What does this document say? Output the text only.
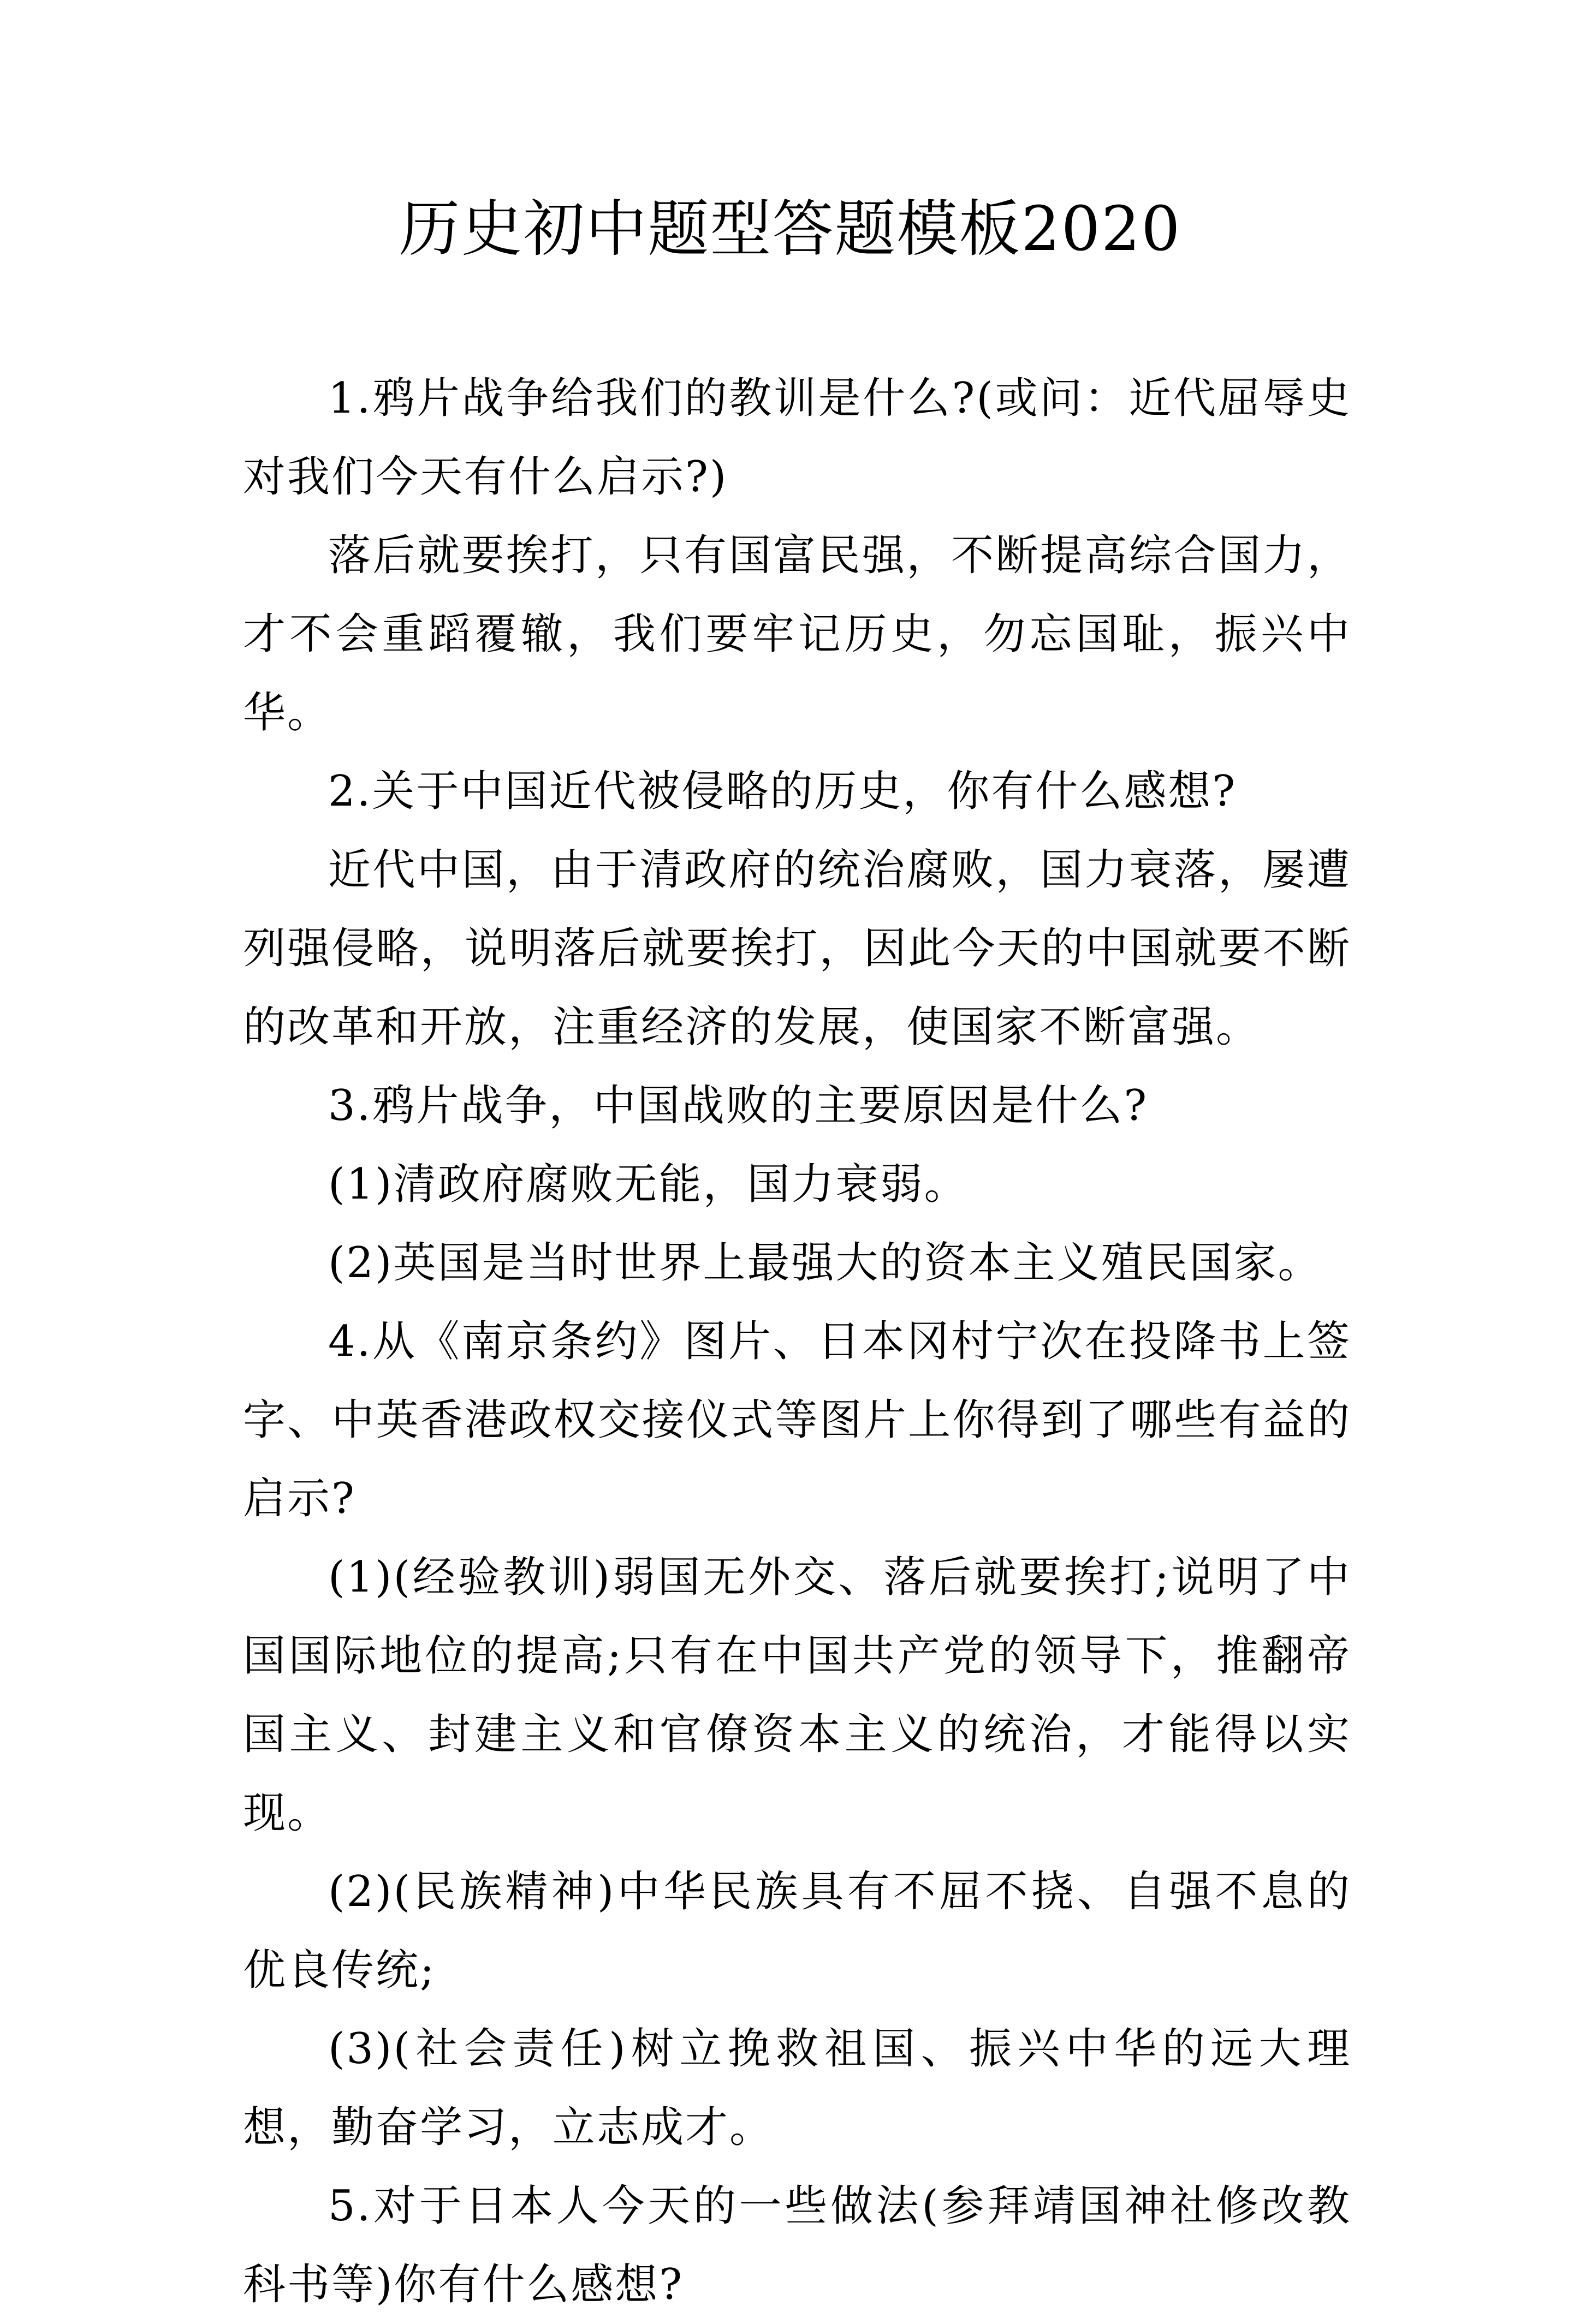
历史初中题型答题模板2020

1.鸦片战争给我们的教训是什么?(或问：近代屈辱史对我们今天有什么启示?)

落后就要挨打，只有国富民强，不断提高综合国力，才不会重蹈覆辙，我们要牢记历史，勿忘国耻，振兴中华。

2.关于中国近代被侵略的历史，你有什么感想?

近代中国，由于清政府的统治腐败，国力衰落，屡遭列强侵略，说明落后就要挨打，因此今天的中国就要不断的改革和开放，注重经济的发展，使国家不断富强。

3.鸦片战争，中国战败的主要原因是什么?

(1)清政府腐败无能，国力衰弱。

(2)英国是当时世界上最强大的资本主义殖民国家。

4.从《南京条约》图片、日本冈村宁次在投降书上签字、中英香港政权交接仪式等图片上你得到了哪些有益的启示?

(1)(经验教训)弱国无外交、落后就要挨打;说明了中国国际地位的提高;只有在中国共产党的领导下，推翻帝国主义、封建主义和官僚资本主义的统治，才能得以实现。

(2)(民族精神)中华民族具有不屈不挠、自强不息的优良传统;

(3)(社会责任)树立挽救祖国、振兴中华的远大理想，勤奋学习，立志成才。

5.对于日本人今天的一些做法(参拜靖国神社修改教科书等)你有什么感想?
